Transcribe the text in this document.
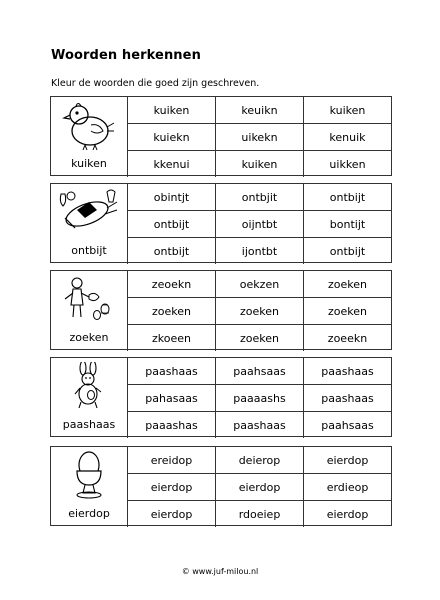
Woorden herkennen
Kleur de woorden die goed zijn geschreven.
kuiken
kuiken	keuikn	kuiken
kuiekn	uikekn	kenuik
kkenui	kuiken	uikken
ontbijt
obintjt	ontbjit	ontbijt
ontbijt	oijntbt	bontijt
ontbijt	ijontbt	ontbijt
zoeken
zeoekn	oekzen	zoeken
zoeken	zoeken	zoeken
zkoeen	zoeken	zoeekn
paashaas
paashaas	paahsaas	paashaas
pahasaas	paaaashs	paashaas
paaashas	paashaas	paahsaas
eierdop
ereidop	deierop	eierdop
eierdop	eierdop	erdieop
eierdop	rdoeiep	eierdop
© www.juf-milou.nl
